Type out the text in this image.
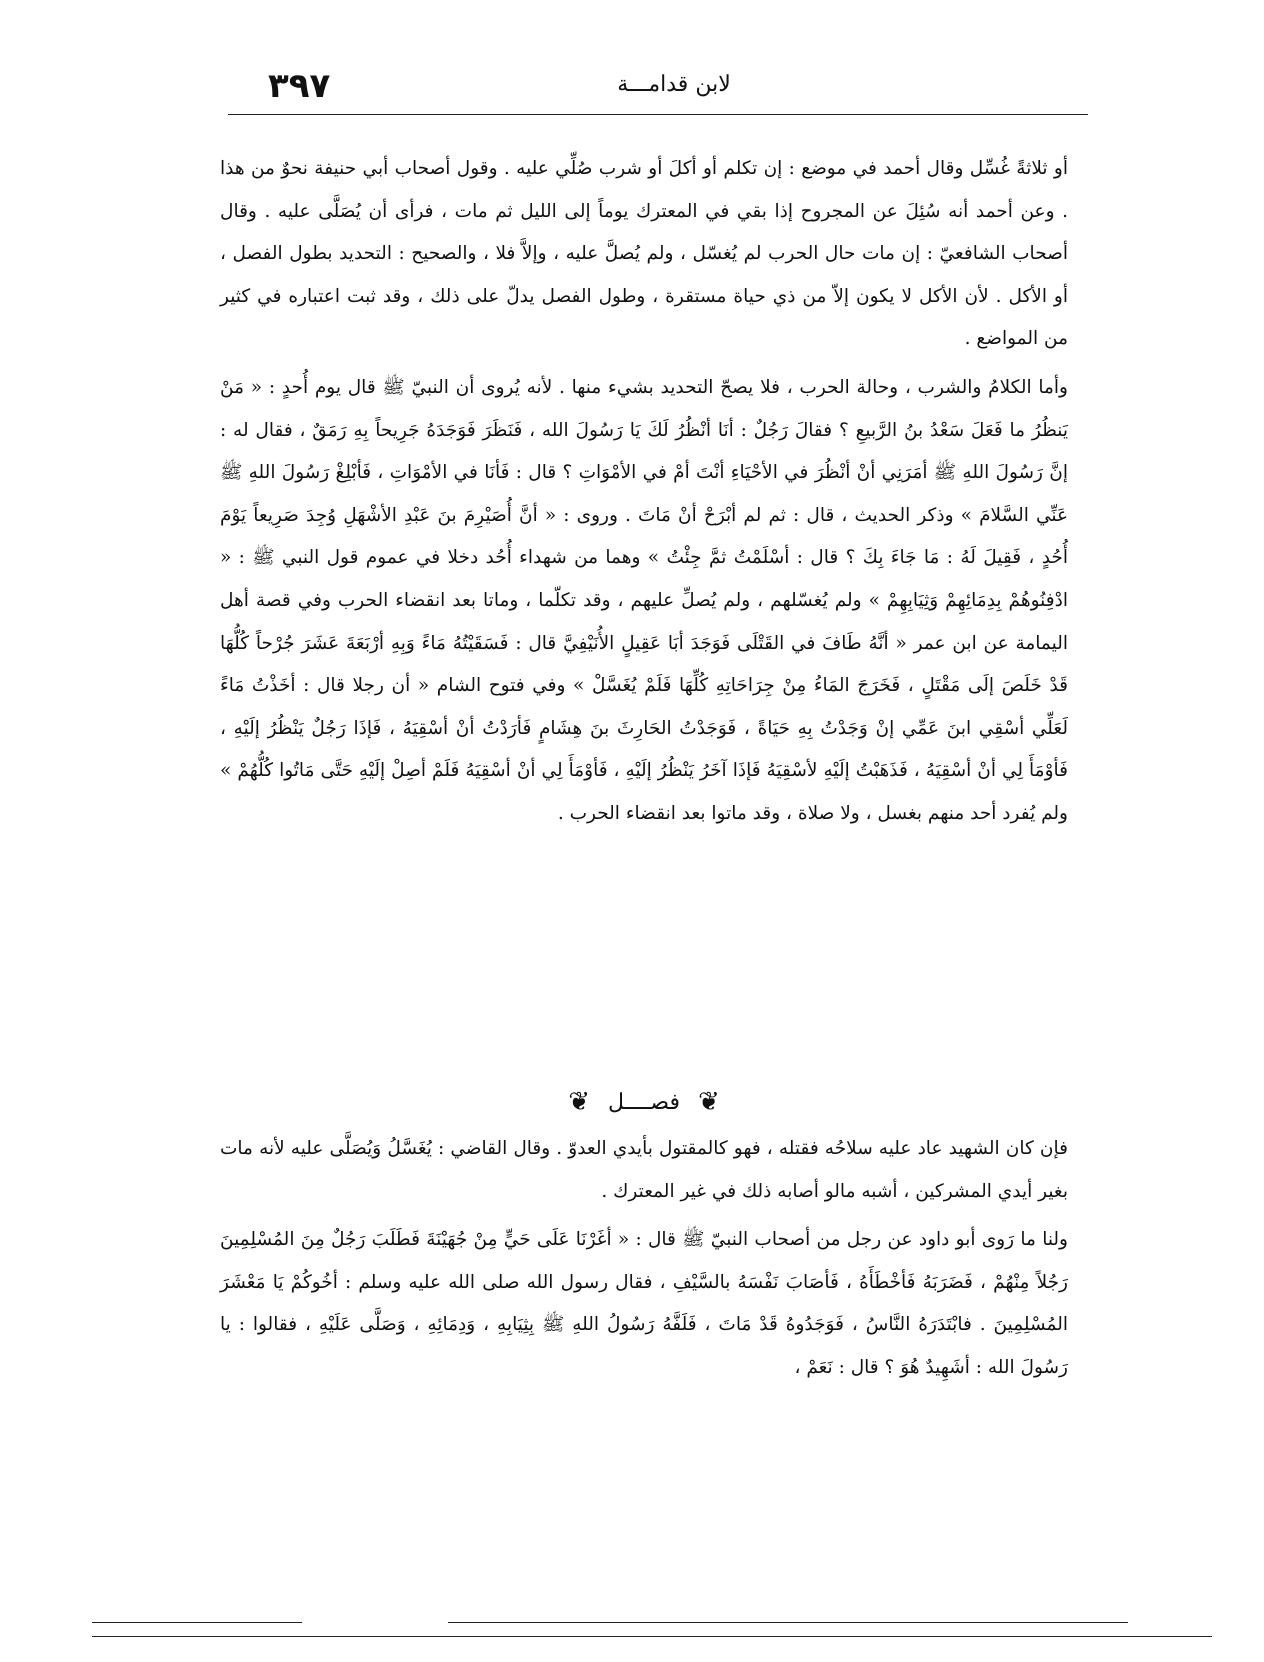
٣٩٧	لابن قدامـــة

أو ثلاثةً غُسِّل وقال أحمد في موضع : إن تكلم أو أكلَ أو شرب صُلِّي عليه . وقول أصحاب أبي حنيفة نحوٌ من هذا . وعن أحمد أنه سُئِلَ عن المجروح إذا بقي في المعترك يوماً إلى الليل ثم مات ، فرأى أن يُصَلَّى عليه . وقال أصحاب الشافعيّ : إن مات حال الحرب لم يُغسّل ، ولم يُصلَّ عليه ، وإلاَّ فلا ، والصحيح : التحديد بطول الفصل ، أو الأكل . لأن الأكل لا يكون إلاّ من ذي حياة مستقرة ، وطول الفصل يدلّ على ذلك ، وقد ثبت اعتباره في كثير من المواضع .

وأما الكلامُ والشرب ، وحالة الحرب ، فلا يصحّ التحديد بشيء منها . لأنه يُروى أن النبيّ ﷺ قال يوم أُحدٍ : « مَنْ يَنظُرُ ما فَعَلَ سَعْدُ بنُ الرَّبيعِ ؟ فقالَ رَجُلٌ : أنَا أنْظُرُ لَكَ يَا رَسُولَ الله ، فَنَظَرَ فَوَجَدَهُ جَرِيحاً بِهِ رَمَقٌ ، فقال له : إنَّ رَسُولَ اللهِ ﷺ أمَرَنِي أنْ أنْظُرَ في الأحْيَاءِ أنْتَ أمْ في الأمْوَاتِ ؟ قال : فَأنَا في الأمْوَاتِ ، فَأبْلِغْ رَسُولَ اللهِ ﷺ عَنِّي السَّلامَ » وذكر الحديث ، قال : ثم لم أبْرَحْ أنْ مَاتَ . وروى : « أنَّ أُصَيْرِمَ بنَ عَبْدِ الأشْهَلِ وُجِدَ صَرِيعاً يَوْمَ أُحُدٍ ، فَقِيلَ لَهُ : مَا جَاءَ بِكَ ؟ قال : أسْلَمْتُ ثمَّ جِئْتُ » وهما من شهداء أُحُد دخلا في عموم قول النبي ﷺ : « ادْفِنُوهُمْ بِدِمَائِهِمْ وَثِيَابِهِمْ » ولم يُغسّلهم ، ولم يُصلِّ عليهم ، وقد تكلّما ، وماتا بعد انقضاء الحرب وفي قصة أهل اليمامة عن ابن عمر « أنَّهُ طَافَ في القَتْلَى فَوَجَدَ أبَا عَقِيلٍ الأُنَيْفِيَّ قال : فَسَقَيْتُهُ مَاءً وَبِهِ أرْبَعَةَ عَشَرَ جُرْحاً كُلُّهَا قَدْ خَلَصَ إلَى مَقْتَلٍ ، فَخَرَجَ المَاءُ مِنْ جِرَاحَاتِهِ كُلِّهَا فَلَمْ يُغَسَّلْ » وفي فتوح الشام « أن رجلا قال : أخَذْتُ مَاءً لَعَلِّي أسْقِي ابنَ عَمِّي إنْ وَجَدْتُ بِهِ حَيَاةً ، فَوَجَدْتُ الحَارِثَ بنَ هِشَامٍ فَأرَدْتُ أنْ أسْقِيَهُ ، فَإذَا رَجُلٌ يَنْظُرُ إلَيْهِ ، فَأوْمَأَ لِي أنْ أسْقِيَهُ ، فَذَهَبْتُ إلَيْهِ لأسْقِيَهُ فَإذَا آخَرُ يَنْظُرُ إلَيْهِ ، فَأوْمَأَ لِي أنْ أسْقِيَهُ فَلَمْ أصِلْ إلَيْهِ حَتَّى مَاتُوا كُلُّهُمْ » ولم يُفرد أحد منهم بغسل ، ولا صلاة ، وقد ماتوا بعد انقضاء الحرب .

❦
فصــــل
❦

فإن كان الشهيد عاد عليه سلاحُه فقتله ، فهو كالمقتول بأيدي العدوّ . وقال القاضي : يُغَسَّلُ وَيُصَلَّى عليه لأنه مات بغير أيدي المشركين ، أشبه مالو أصابه ذلك في غير المعترك .

ولنا ما رَوى أبو داود عن رجل من أصحاب النبيّ ﷺ قال : « أغَرْنَا عَلَى حَيٍّ مِنْ جُهَيْنَةَ فَطَلَبَ رَجُلٌ مِنَ المُسْلِمِينَ رَجُلاً مِنْهُمْ ، فَضَرَبَهُ فَأخْطَأَهُ ، فَأصَابَ نَفْسَهُ بالسَّيْفِ ، فقال رسول الله صلى الله عليه وسلم : أخُوكُمْ يَا مَعْشَرَ المُسْلِمِينَ . فابْتَدَرَهُ النَّاسُ ، فَوَجَدُوهُ قَدْ مَاتَ ، فَلَفَّهُ رَسُولُ اللهِ ﷺ بِثِيَابِهِ ، وَدِمَائِهِ ، وَصَلَّى عَلَيْهِ ، فقالوا : يا رَسُولَ الله : أشَهِيدٌ هُوَ ؟ قال : نَعَمْ ،
